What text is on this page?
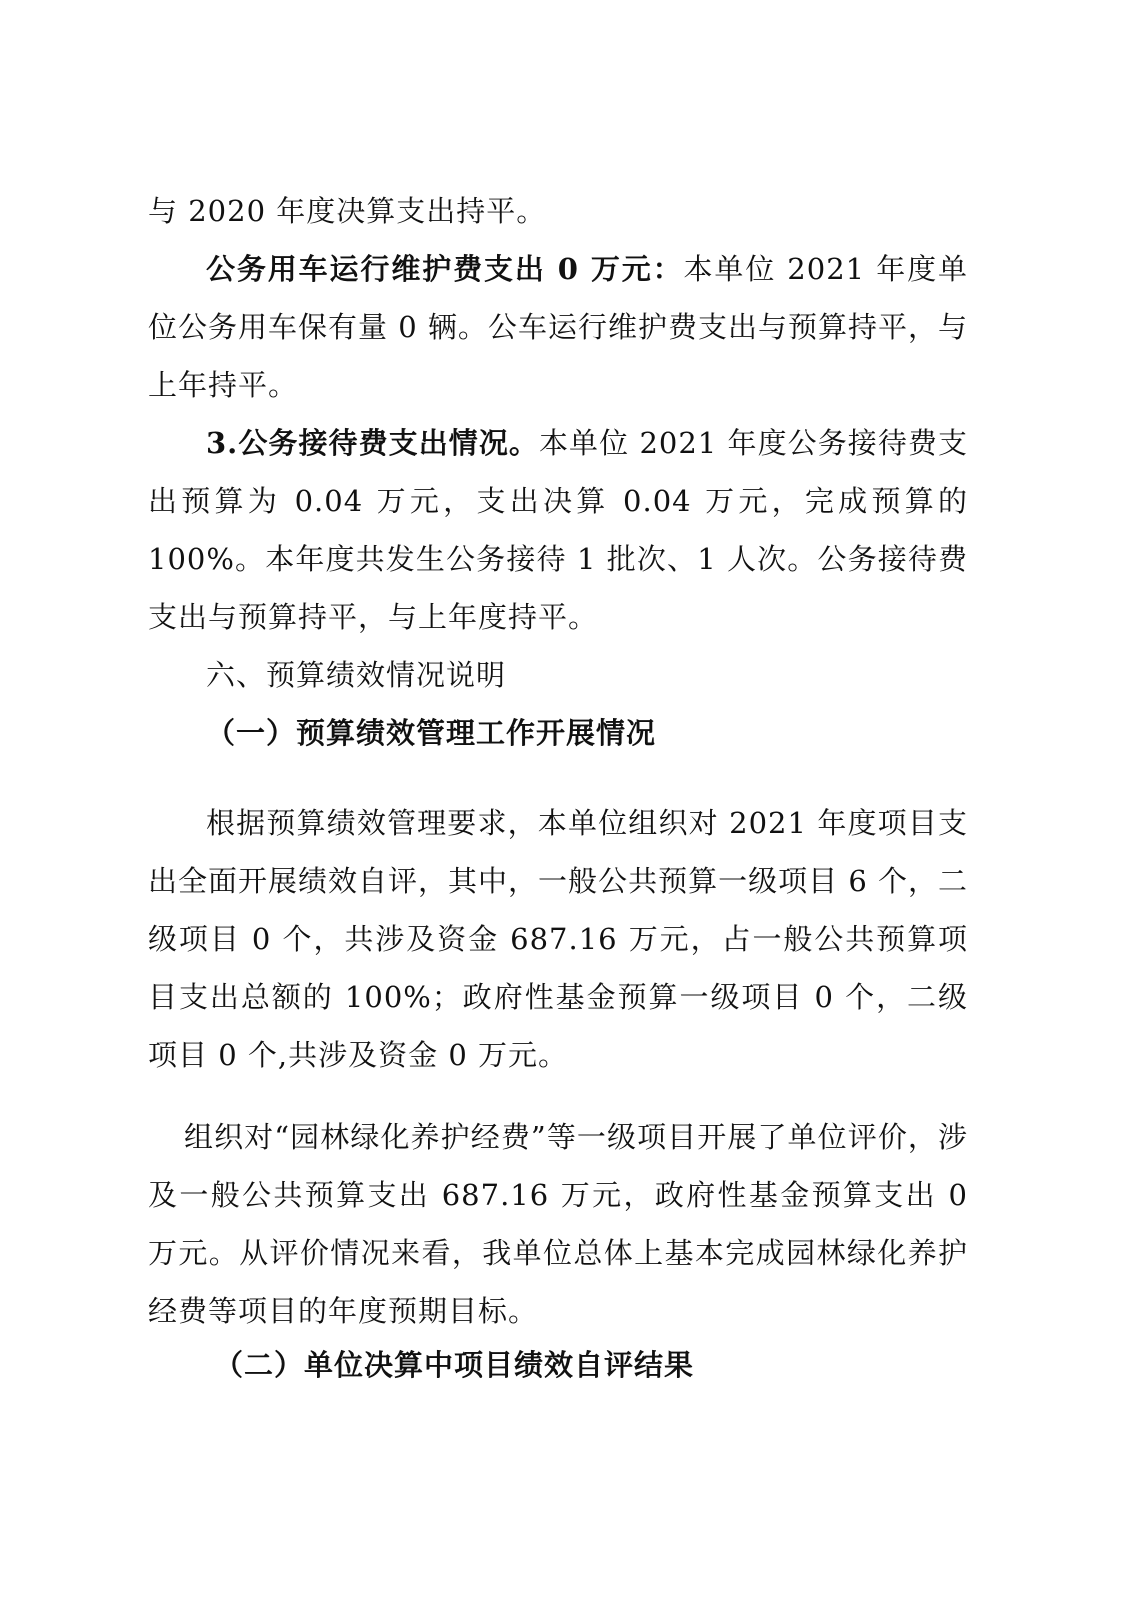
与 2020 年度决算支出持平。

公务用车运行维护费支出 0 万元：本单位 2021 年度单位公务用车保有量 0 辆。公车运行维护费支出与预算持平，与上年持平。

3.公务接待费支出情况。本单位 2021 年度公务接待费支出预算为 0.04 万元，支出决算 0.04 万元，完成预算的 100%。本年度共发生公务接待 1 批次、1 人次。公务接待费支出与预算持平，与上年度持平。

六、预算绩效情况说明

（一）预算绩效管理工作开展情况

根据预算绩效管理要求，本单位组织对 2021 年度项目支出全面开展绩效自评，其中，一般公共预算一级项目 6 个，二级项目 0 个，共涉及资金 687.16 万元，占一般公共预算项目支出总额的 100%；政府性基金预算一级项目 0 个，二级项目 0 个,共涉及资金 0 万元。

组织对“园林绿化养护经费”等一级项目开展了单位评价，涉及一般公共预算支出 687.16 万元，政府性基金预算支出 0 万元。从评价情况来看，我单位总体上基本完成园林绿化养护经费等项目的年度预期目标。

（二）单位决算中项目绩效自评结果
